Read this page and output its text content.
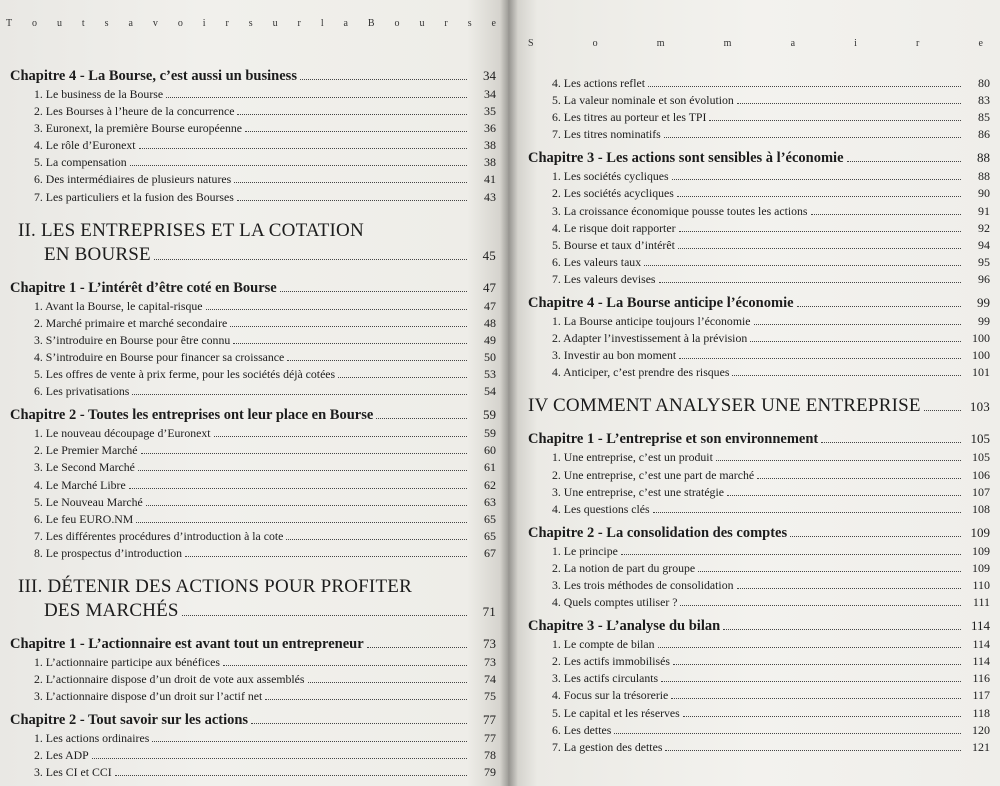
T o u t s a v o i r s u r l a B o u r s e
Chapitre 4 - La Bourse, c’est aussi un business	34
1. Le business de la Bourse	34
2. Les Bourses à l’heure de la concurrence	35
3. Euronext, la première Bourse européenne	36
4. Le rôle d’Euronext	38
5. La compensation	38
6. Des intermédiaires de plusieurs natures	41
7. Les particuliers et la fusion des Bourses	43
II. LES ENTREPRISES ET LA COTATION
EN BOURSE	45
Chapitre 1 - L’intérêt d’être coté en Bourse	47
1. Avant la Bourse, le capital-risque	47
2. Marché primaire et marché secondaire	48
3. S’introduire en Bourse pour être connu	49
4. S’introduire en Bourse pour financer sa croissance	50
5. Les offres de vente à prix ferme, pour les sociétés déjà cotées	53
6. Les privatisations	54
Chapitre 2 - Toutes les entreprises ont leur place en Bourse	59
1. Le nouveau découpage d’Euronext	59
2. Le Premier Marché	60
3. Le Second Marché	61
4. Le Marché Libre	62
5. Le Nouveau Marché	63
6. Le feu EURO.NM	65
7. Les différentes procédures d’introduction à la cote	65
8. Le prospectus d’introduction	67
III. DÉTENIR DES ACTIONS POUR PROFITER
DES MARCHÉS	71
Chapitre 1 - L’actionnaire est avant tout un entrepreneur	73
1. L’actionnaire participe aux bénéfices	73
2. L’actionnaire dispose d’un droit de vote aux assemblés	74
3. L’actionnaire dispose d’un droit sur l’actif net	75
Chapitre 2 - Tout savoir sur les actions	77
1. Les actions ordinaires	77
2. Les ADP	78
3. Les CI et CCI	79
S	o	m	m	a	i	r	e
4. Les actions reflet	80
5. La valeur nominale et son évolution	83
6. Les titres au porteur et les TPI	85
7. Les titres nominatifs	86
Chapitre 3 - Les actions sont sensibles à l’économie	88
1. Les sociétés cycliques	88
2. Les sociétés acycliques	90
3. La croissance économique pousse toutes les actions	91
4. Le risque doit rapporter	92
5. Bourse et taux d’intérêt	94
6. Les valeurs taux	95
7. Les valeurs devises	96
Chapitre 4 - La Bourse anticipe l’économie	99
1. La Bourse anticipe toujours l’économie	99
2. Adapter l’investissement à la prévision	100
3. Investir au bon moment	100
4. Anticiper, c’est prendre des risques	101
IV COMMENT ANALYSER UNE ENTREPRISE	103
Chapitre 1 - L’entreprise et son environnement	105
1. Une entreprise, c’est un produit	105
2. Une entreprise, c’est une part de marché	106
3. Une entreprise, c’est une stratégie	107
4. Les questions clés	108
Chapitre 2 - La consolidation des comptes	109
1. Le principe	109
2. La notion de part du groupe	109
3. Les trois méthodes de consolidation	110
4. Quels comptes utiliser ?	111
Chapitre 3 - L’analyse du bilan	114
1. Le compte de bilan	114
2. Les actifs immobilisés	114
3. Les actifs circulants	116
4. Focus sur la trésorerie	117
5. Le capital et les réserves	118
6. Les dettes	120
7. La gestion des dettes	121
